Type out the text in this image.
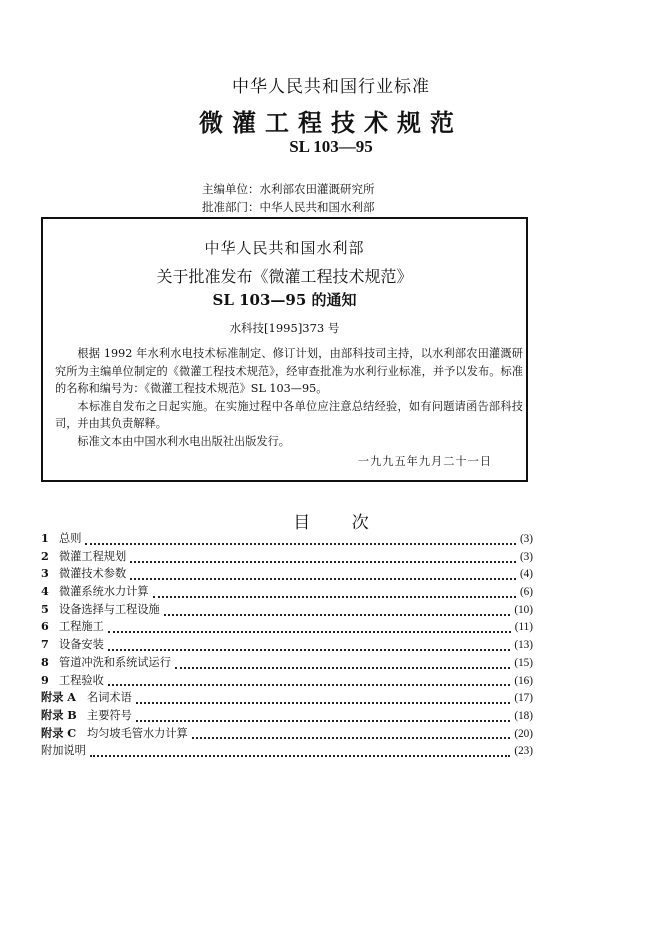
中华人民共和国行业标准
微灌工程技术规范
SL 103—95
主编单位：水利部农田灌溉研究所
批准部门：中华人民共和国水利部
中华人民共和国水利部
关于批准发布《微灌工程技术规范》
SL 103—95 的通知
水科技[1995]373 号

根据 1992 年水利水电技术标准制定、修订计划，由部科技司主持，以水利部农田灌溉研究所为主编单位制定的《微灌工程技术规范》，经审查批准为水利行业标准，并予以发布。标准的名称和编号为：《微灌工程技术规范》SL 103—95。

本标准自发布之日起实施。在实施过程中各单位应注意总结经验，如有问题请函告部科技司，并由其负责解释。

标准文本由中国水利水电出版社出版发行。

一九九五年九月二十一日
目 次
1 总则	(3)
2 微灌工程规划	(3)
3 微灌技术参数	(4)
4 微灌系统水力计算	(6)
5 设备选择与工程设施	(10)
6 工程施工	(11)
7 设备安装	(13)
8 管道冲洗和系统试运行	(15)
9 工程验收	(16)
附录 A 名词术语	(17)
附录 B 主要符号	(18)
附录 C 均匀坡毛管水力计算	(20)
附加说明	(23)
